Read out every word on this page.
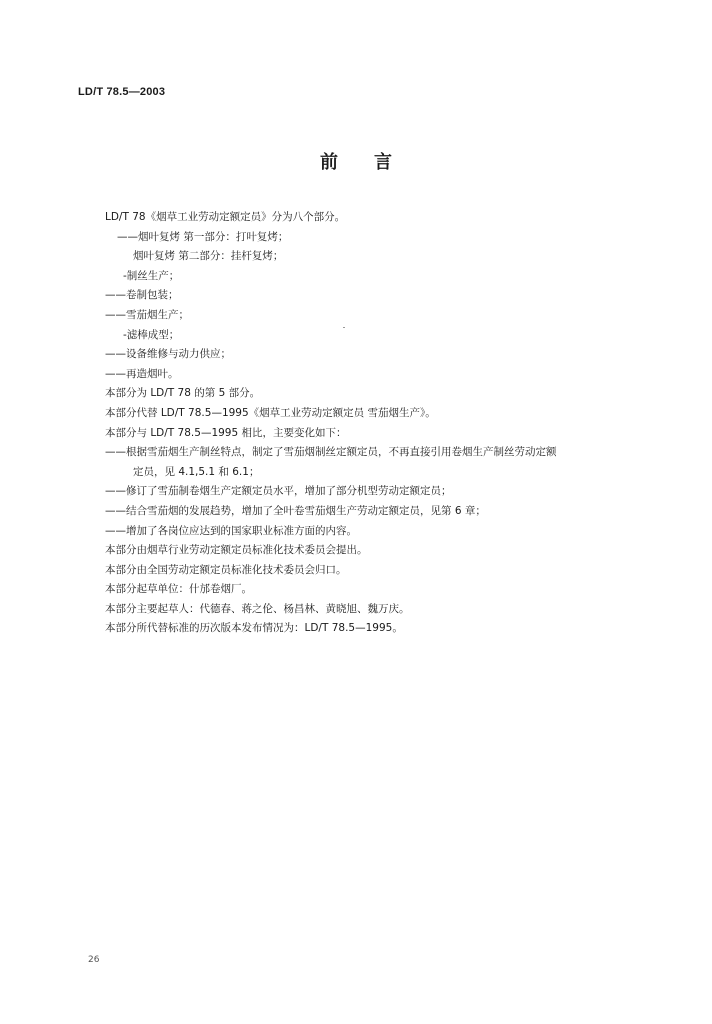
LD/T 78.5—2003
前 言
LD/T 78《烟草工业劳动定额定员》分为八个部分。
——烟叶复烤 第一部分：打叶复烤；
烟叶复烤 第二部分：挂杆复烤；
-制丝生产；
——卷制包装；
——雪茄烟生产；
-滤棒成型；
——设备维修与动力供应；
——再造烟叶。
本部分为 LD/T 78 的第 5 部分。
本部分代替 LD/T 78.5—1995《烟草工业劳动定额定员 雪茄烟生产》。
本部分与 LD/T 78.5—1995 相比，主要变化如下：
——根据雪茄烟生产制丝特点，制定了雪茄烟制丝定额定员，不再直接引用卷烟生产制丝劳动定额
定员，见 4.1,5.1 和 6.1；
——修订了雪茄制卷烟生产定额定员水平，增加了部分机型劳动定额定员；
——结合雪茄烟的发展趋势，增加了全叶卷雪茄烟生产劳动定额定员，见第 6 章；
——增加了各岗位应达到的国家职业标准方面的内容。
本部分由烟草行业劳动定额定员标准化技术委员会提出。
本部分由全国劳动定额定员标准化技术委员会归口。
本部分起草单位：什邡卷烟厂。
本部分主要起草人：代德春、蒋之伦、杨昌林、黄晓旭、魏万庆。
本部分所代替标准的历次版本发布情况为：LD/T 78.5—1995。
26
